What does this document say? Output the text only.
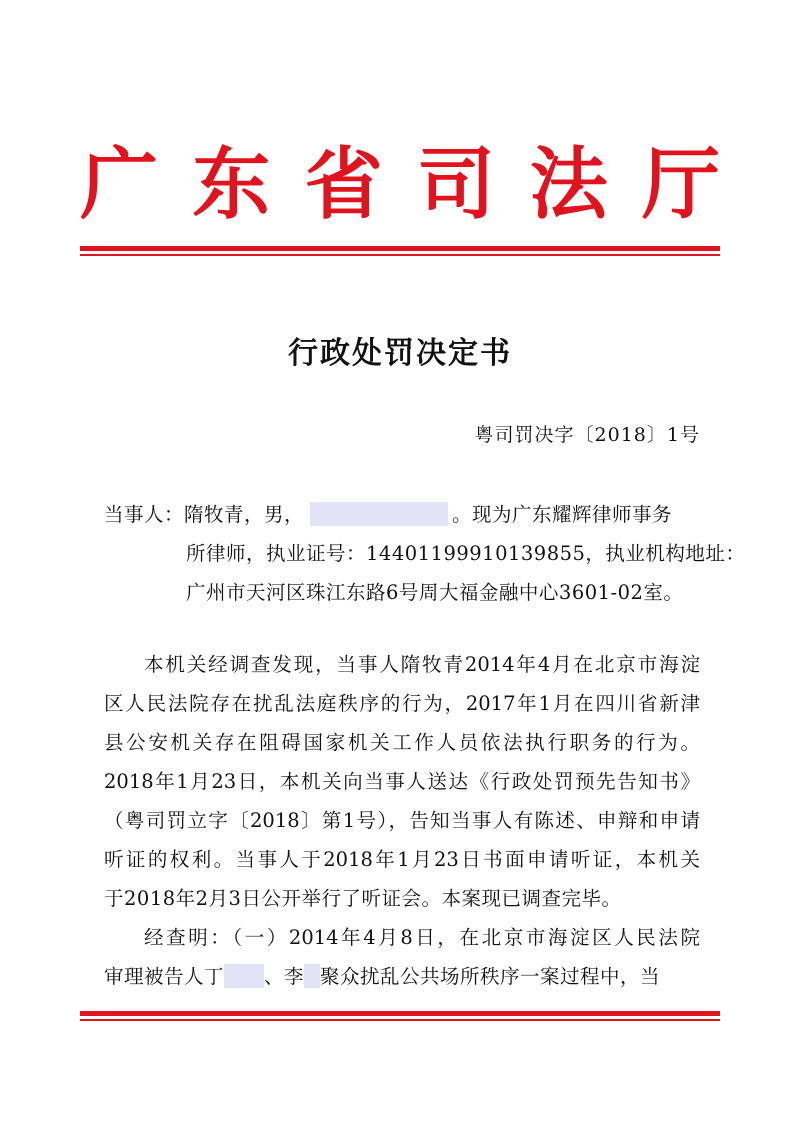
广 东 省 司 法 厅
行政处罚决定书
粤司罚决字〔2018〕1号
当事人：隋牧青，男，	。现为广东耀辉律师事务
所律师，执业证号：14401199910139855，执业机构地址：
广州市天河区珠江东路6号周大福金融中心3601-02室。
本机关经调查发现，当事人隋牧青2014年4月在北京市海淀
区人民法院存在扰乱法庭秩序的行为，2017年1月在四川省新津
县公安机关存在阻碍国家机关工作人员依法执行职务的行为。
2018年1月23日，本机关向当事人送达《行政处罚预先告知书》
（粤司罚立字〔2018〕第1号），告知当事人有陈述、申辩和申请
听证的权利。当事人于2018年1月23日书面申请听证，本机关
于2018年2月3日公开举行了听证会。本案现已调查完毕。
经查明：（一）2014年4月8日，在北京市海淀区人民法院
审理被告人丁 、李 聚众扰乱公共场所秩序一案过程中，当
